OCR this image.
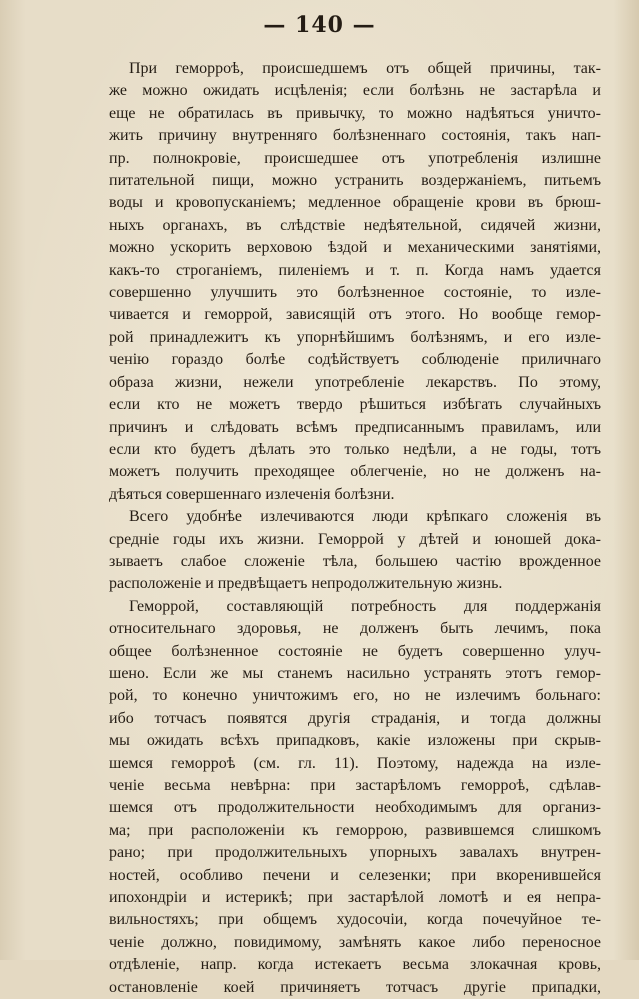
— 140 —
При геморроѣ, происшедшемъ отъ общей причины, так-
же можно ожидать исцѣленія; если болѣзнь не застарѣла и
еще не обратилась въ привычку, то можно надѣяться уничто-
жить причину внутренняго болѣзненнаго состоянія, такъ нап-
пр. полнокровіе, происшедшее отъ употребленія излишне
питательной пищи, можно устранить воздержаніемъ, питьемъ
воды и кровопусканіемъ; медленное обращеніе крови въ брюш-
ныхъ органахъ, въ слѣдствіе недѣятельной, сидячей жизни,
можно ускорить верховою ѣздой и механическими занятіями,
какъ-то строганіемъ, пиленіемъ и т. п. Когда намъ удается
совершенно улучшить это болѣзненное состояніе, то излe-
чивается и геморрой, зависящій отъ этого. Но вообще гемор-
рой принадлежитъ къ упорнѣйшимъ болѣзнямъ, и его излe-
ченію гораздо болѣе содѣйствуетъ соблюденіе приличнаго
образа жизни, нежели употребленіе лекарствъ. По этому,
если кто не можетъ твердо рѣшиться избѣгать случайныхъ
причинъ и слѣдовать всѣмъ предписаннымъ правиламъ, или
если кто будетъ дѣлать это только недѣли, а не годы, тотъ
можетъ получить преходящее облегченіе, но не долженъ на-
дѣяться совершеннаго излеченія болѣзни.
Всего удобнѣе излечиваются люди крѣпкаго сложенія въ
средніе годы ихъ жизни. Геморрой у дѣтей и юношей дока-
зываетъ слабое сложеніе тѣла, большею частію врожденное
расположеніе и предвѣщаетъ непродолжительную жизнь.
Геморрой, составляющій потребность для поддержанія
относительнаго здоровья, не долженъ быть лечимъ, пока
общее болѣзненное состояніе не будетъ совершенно улуч-
шено. Если же мы станемъ насильно устранять этотъ гемор-
рой, то конечно уничтожимъ его, но не излечимъ больнаго:
ибо тотчасъ появятся другія страданія, и тогда должны
мы ожидать всѣхъ припадковъ, какіе изложены при скрыв-
шемся геморроѣ (см. гл. 11). Поэтому, надежда на изле-
ченіе весьма невѣрна: при застарѣломъ геморроѣ, сдѣлав-
шемся отъ продолжительности необходимымъ для организ-
ма; при расположеніи къ геморрою, развившемся слишкомъ
рано; при продолжительныхъ упорныхъ завалахъ внутрен-
ностей, особливо печени и селезенки; при вкоренившейся
ипохондріи и истерикѣ; при застарѣлой ломотѣ и ея непра-
вильностяхъ; при общемъ худосочіи, когда почечуйное те-
ченіе должно, повидимому, замѣнять какое либо переносное
отдѣленіе, напр. когда истекаетъ весьма злокачная кровь,
остановленіе коей причиняетъ тотчасъ другіе припадки,
